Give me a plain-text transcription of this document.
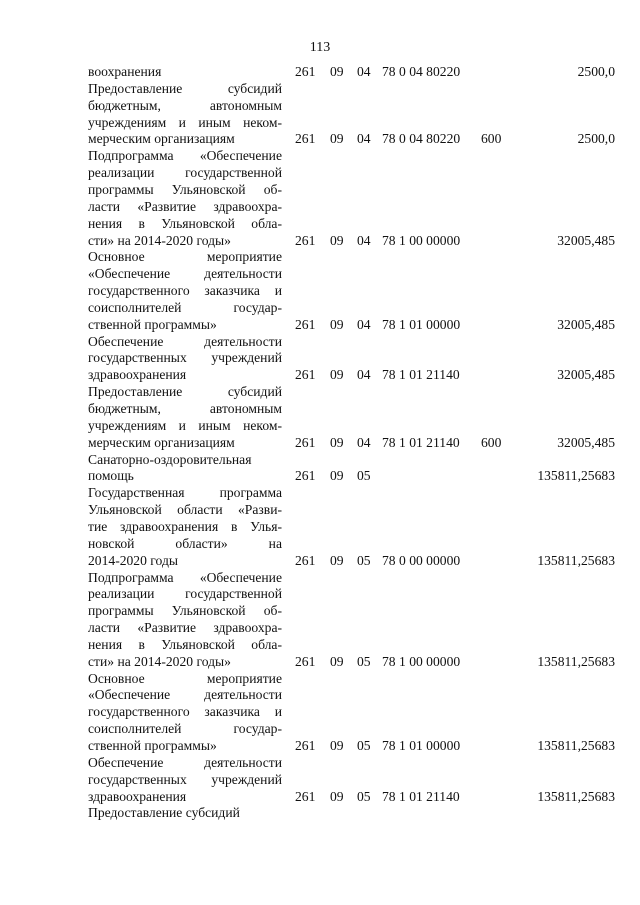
113
воохранения	261 09 04 78 0 04 80220	2500,0
Предоставление субсидий
бюджетным, автономным
учреждениям и иным неком-
мерческим организациям	261 09 04 78 0 04 80220 600	2500,0
Подпрограмма «Обеспечение
реализации государственной
программы Ульяновской об-
ласти «Развитие здравоохра-
нения в Ульяновской обла-
сти» на 2014-2020 годы»	261 09 04 78 1 00 00000	32005,485
Основное мероприятие
«Обеспечение деятельности
государственного заказчика и
соисполнителей государ-
ственной программы»	261 09 04 78 1 01 00000	32005,485
Обеспечение деятельности
государственных учреждений
здравоохранения	261 09 04 78 1 01 21140	32005,485
Предоставление субсидий
бюджетным, автономным
учреждениям и иным неком-
мерческим организациям	261 09 04 78 1 01 21140 600	32005,485
Санаторно-оздоровительная
помощь	261 09 05	135811,25683
Государственная программа
Ульяновской области «Разви-
тие здравоохранения в Улья-
новской области» на
2014-2020 годы	261 09 05 78 0 00 00000	135811,25683
Подпрограмма «Обеспечение
реализации государственной
программы Ульяновской об-
ласти «Развитие здравоохра-
нения в Ульяновской обла-
сти» на 2014-2020 годы»	261 09 05 78 1 00 00000	135811,25683
Основное мероприятие
«Обеспечение деятельности
государственного заказчика и
соисполнителей государ-
ственной программы»	261 09 05 78 1 01 00000	135811,25683
Обеспечение деятельности
государственных учреждений
здравоохранения	261 09 05 78 1 01 21140	135811,25683
Предоставление субсидий
